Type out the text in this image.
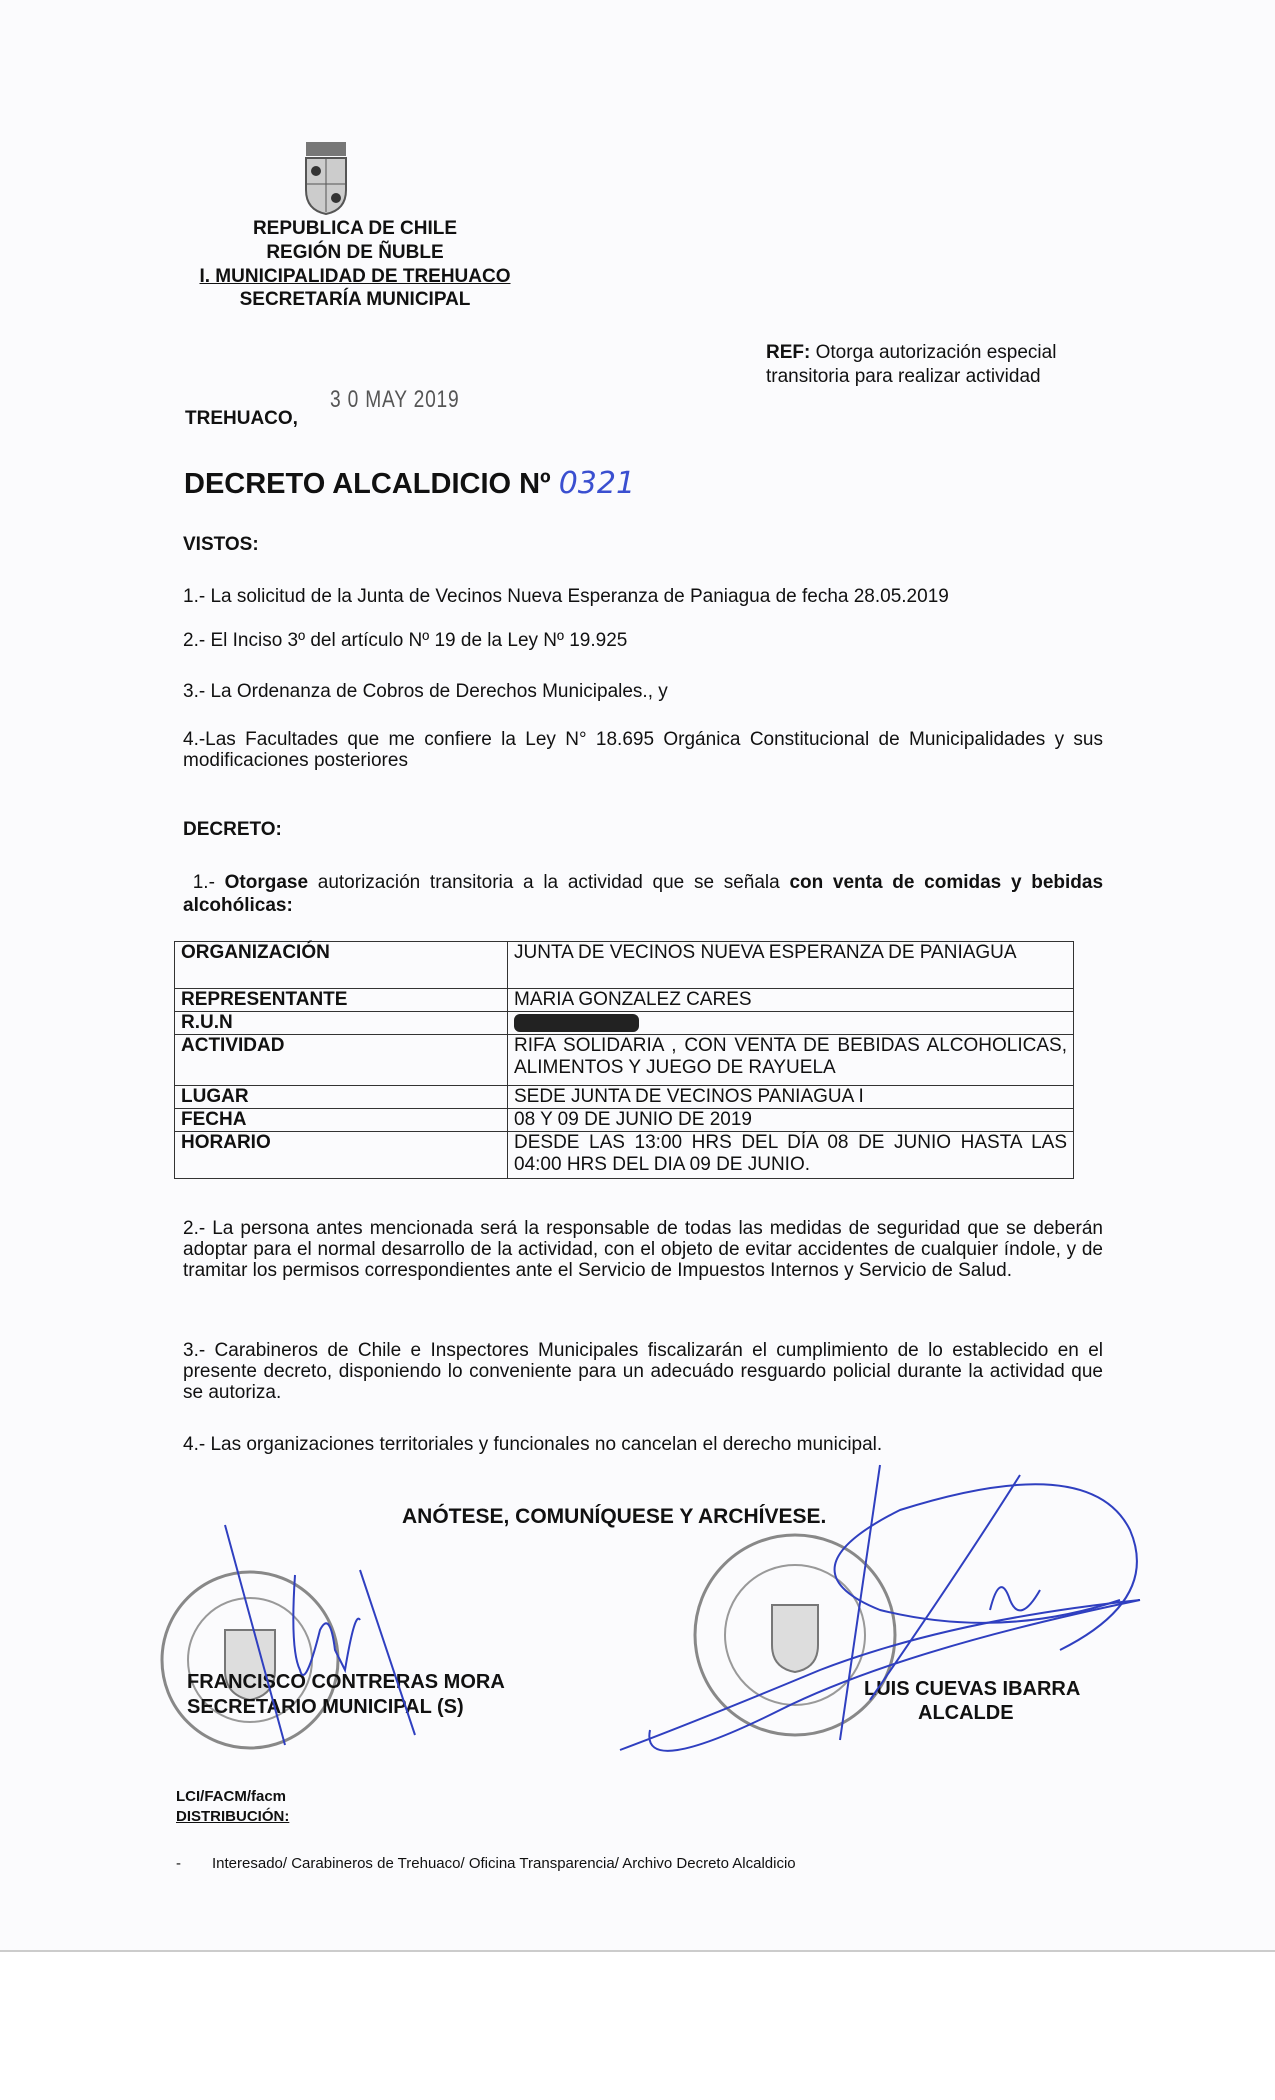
REPUBLICA DE CHILE
REGIÓN DE ÑUBLE
I. MUNICIPALIDAD DE TREHUACO
SECRETARÍA MUNICIPAL
REF: Otorga autorización especial
transitoria para realizar actividad
3 0 MAY 2019
TREHUACO,
DECRETO ALCALDICIO Nº 0321
VISTOS:
1.- La solicitud de la Junta de Vecinos Nueva Esperanza de Paniagua de fecha 28.05.2019
2.- El Inciso 3º del artículo Nº 19 de la Ley Nº 19.925
3.- La Ordenanza de Cobros de Derechos Municipales., y
4.-Las Facultades que me confiere la Ley N° 18.695 Orgánica Constitucional de Municipalidades y sus modificaciones posteriores
DECRETO:
1.- Otorgase autorización transitoria a la actividad que se señala con venta de comidas y bebidas alcohólicas:
ORGANIZACIÓN	JUNTA DE VECINOS NUEVA ESPERANZA DE PANIAGUA
REPRESENTANTE	MARIA GONZALEZ CARES
R.U.N	
ACTIVIDAD	RIFA SOLIDARIA , CON VENTA DE BEBIDAS ALCOHOLICAS, ALIMENTOS Y JUEGO DE RAYUELA
LUGAR	SEDE JUNTA DE VECINOS PANIAGUA I
FECHA	08 Y 09 DE JUNIO DE 2019
HORARIO	DESDE LAS 13:00 HRS DEL DÍA 08 DE JUNIO HASTA LAS 04:00 HRS DEL DIA 09 DE JUNIO.
2.- La persona antes mencionada será la responsable de todas las medidas de seguridad que se deberán adoptar para el normal desarrollo de la actividad, con el objeto de evitar accidentes de cualquier índole, y de tramitar los permisos correspondientes ante el Servicio de Impuestos Internos y Servicio de Salud.
3.- Carabineros de Chile e Inspectores Municipales fiscalizarán el cumplimiento de lo establecido en el presente decreto, disponiendo lo conveniente para un adecuádo resguardo policial durante la actividad que se autoriza.
4.- Las organizaciones territoriales y funcionales no cancelan el derecho municipal.
ANÓTESE, COMUNÍQUESE Y ARCHÍVESE.
FRANCISCO CONTRERAS MORA
SECRETARIO MUNICIPAL (S)
LUIS CUEVAS IBARRA
ALCALDE
LCI/FACM/facm
DISTRIBUCIÓN:
- Interesado/ Carabineros de Trehuaco/ Oficina Transparencia/ Archivo Decreto Alcaldicio
